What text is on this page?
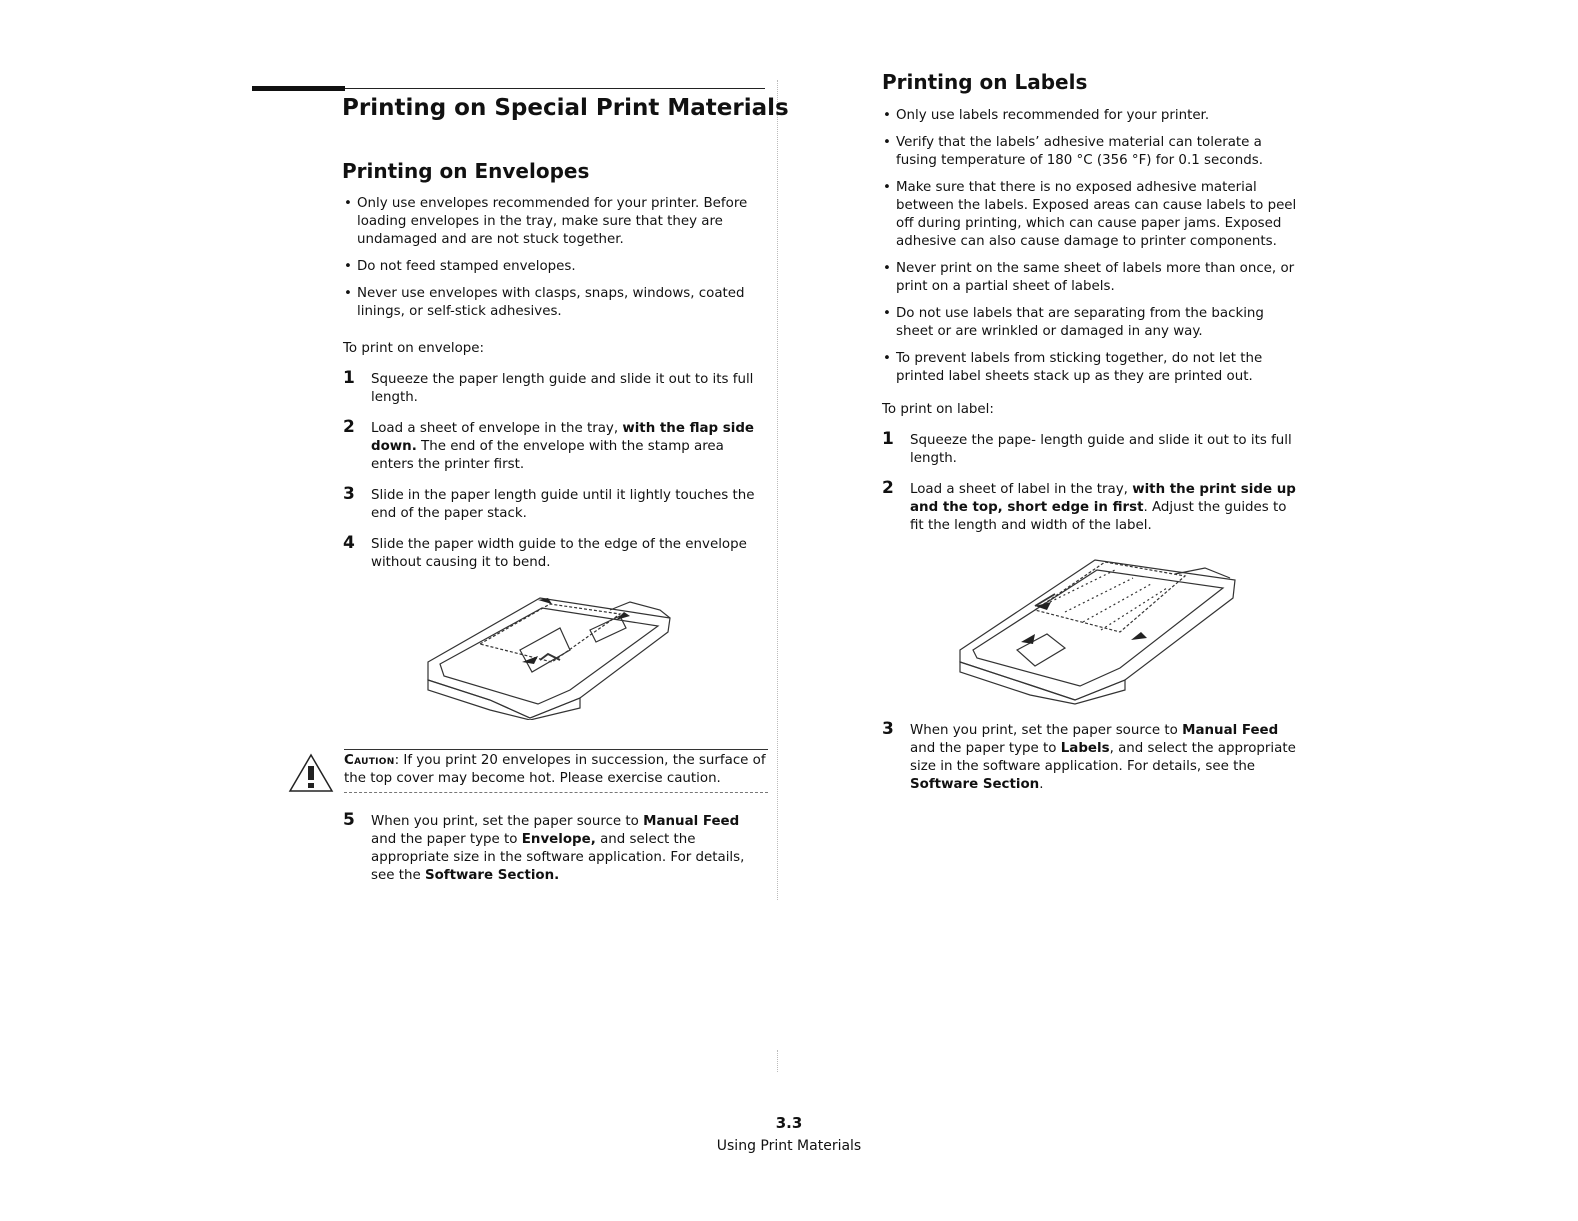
Printing on Special Print Materials
Printing on Envelopes
• Only use envelopes recommended for your printer. Before loading envelopes in the tray, make sure that they are undamaged and are not stuck together.
• Do not feed stamped envelopes.
• Never use envelopes with clasps, snaps, windows, coated linings, or self-stick adhesives.
To print on envelope:
1 Squeeze the paper length guide and slide it out to its full length.
2 Load a sheet of envelope in the tray, with the flap side down. The end of the envelope with the stamp area enters the printer first.
3 Slide in the paper length guide until it lightly touches the end of the paper stack.
4 Slide the paper width guide to the edge of the envelope without causing it to bend.
Caution: If you print 20 envelopes in succession, the surface of the top cover may become hot. Please exercise caution.
5 When you print, set the paper source to Manual Feed and the paper type to Envelope, and select the appropriate size in the software application. For details, see the Software Section.
Printing on Labels
• Only use labels recommended for your printer.
• Verify that the labels’ adhesive material can tolerate a fusing temperature of 180 °C (356 °F) for 0.1 seconds.
• Make sure that there is no exposed adhesive material between the labels. Exposed areas can cause labels to peel off during printing, which can cause paper jams. Exposed adhesive can also cause damage to printer components.
• Never print on the same sheet of labels more than once, or print on a partial sheet of labels.
• Do not use labels that are separating from the backing sheet or are wrinkled or damaged in any way.
• To prevent labels from sticking together, do not let the printed label sheets stack up as they are printed out.
To print on label:
1 Squeeze the pape- length guide and slide it out to its full length.
2 Load a sheet of label in the tray, with the print side up and the top, short edge in first. Adjust the guides to fit the length and width of the label.
3 When you print, set the paper source to Manual Feed and the paper type to Labels, and select the appropriate size in the software application. For details, see the Software Section.
3.3
Using Print Materials
